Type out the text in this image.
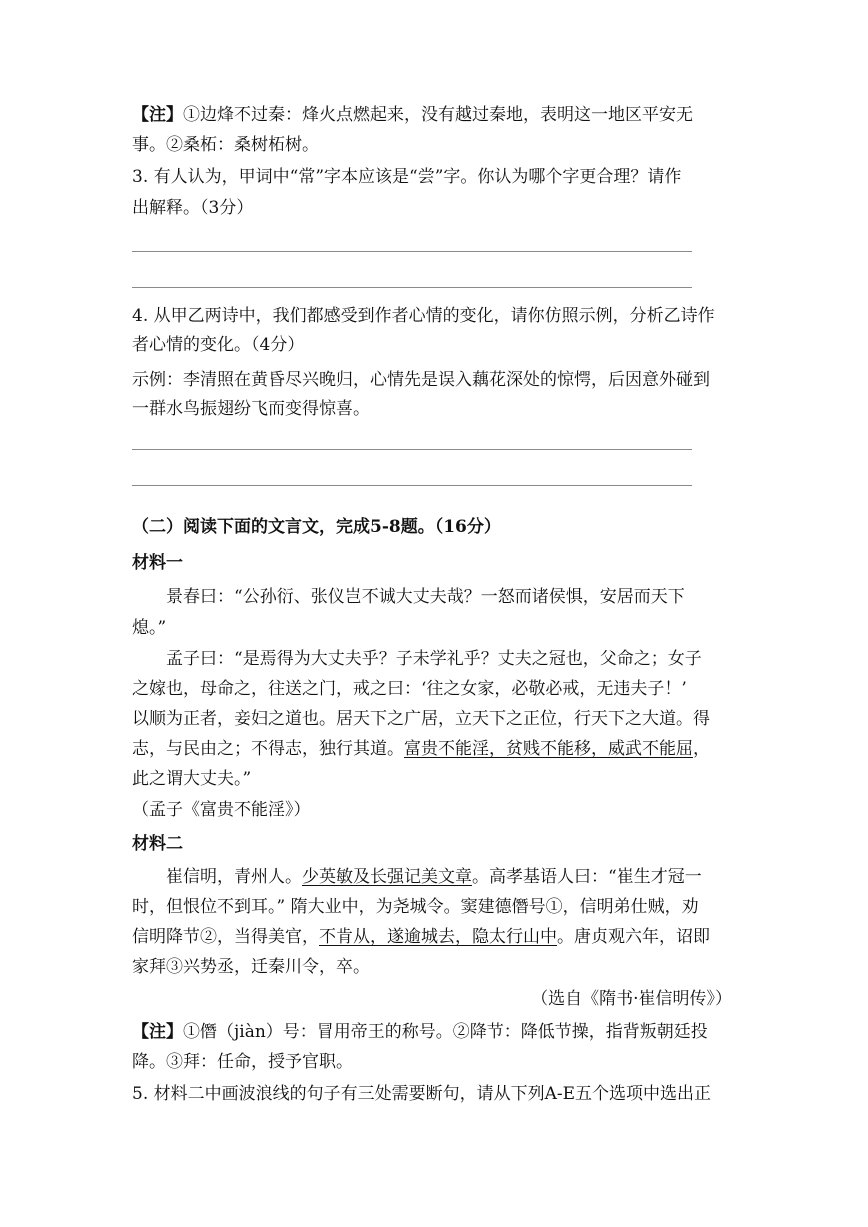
【注】①边烽不过秦：烽火点燃起来，没有越过秦地，表明这一地区平安无
事。②桑柘：桑树柘树。
3. 有人认为，甲词中“常”字本应该是“尝”字。你认为哪个字更合理？请作
出解释。（3分）
4. 从甲乙两诗中，我们都感受到作者心情的变化，请你仿照示例，分析乙诗作
者心情的变化。（4分）
示例：李清照在黄昏尽兴晚归，心情先是误入藕花深处的惊愕，后因意外碰到
一群水鸟振翅纷飞而变得惊喜。
（二）阅读下面的文言文，完成5-8题。（16分）
材料一
景春曰：“公孙衍、张仪岂不诚大丈夫哉？一怒而诸侯惧，安居而天下
熄。”
孟子曰：“是焉得为大丈夫乎？子未学礼乎？丈夫之冠也，父命之；女子
之嫁也，母命之，往送之门，戒之曰：‘往之女家，必敬必戒，无违夫子！’
以顺为正者，妾妇之道也。居天下之广居，立天下之正位，行天下之大道。得
志，与民由之；不得志，独行其道。富贵不能淫，贫贱不能移，威武不能屈，
此之谓大丈夫。”
（孟子《富贵不能淫》）
材料二
崔信明，青州人。少英敏及长强记美文章。高孝基语人曰：“崔生才冠一
时，但恨位不到耳。” 隋大业中，为尧城令。窦建德僭号①，信明弟仕贼，劝
信明降节②，当得美官，不肯从，遂逾城去，隐太行山中。唐贞观六年，诏即
家拜③兴势丞，迁秦川令，卒。
（选自《隋书·崔信明传》）
【注】①僭（jiàn）号：冒用帝王的称号。②降节：降低节操，指背叛朝廷投
降。③拜：任命，授予官职。
5. 材料二中画波浪线的句子有三处需要断句，请从下列A-E五个选项中选出正
